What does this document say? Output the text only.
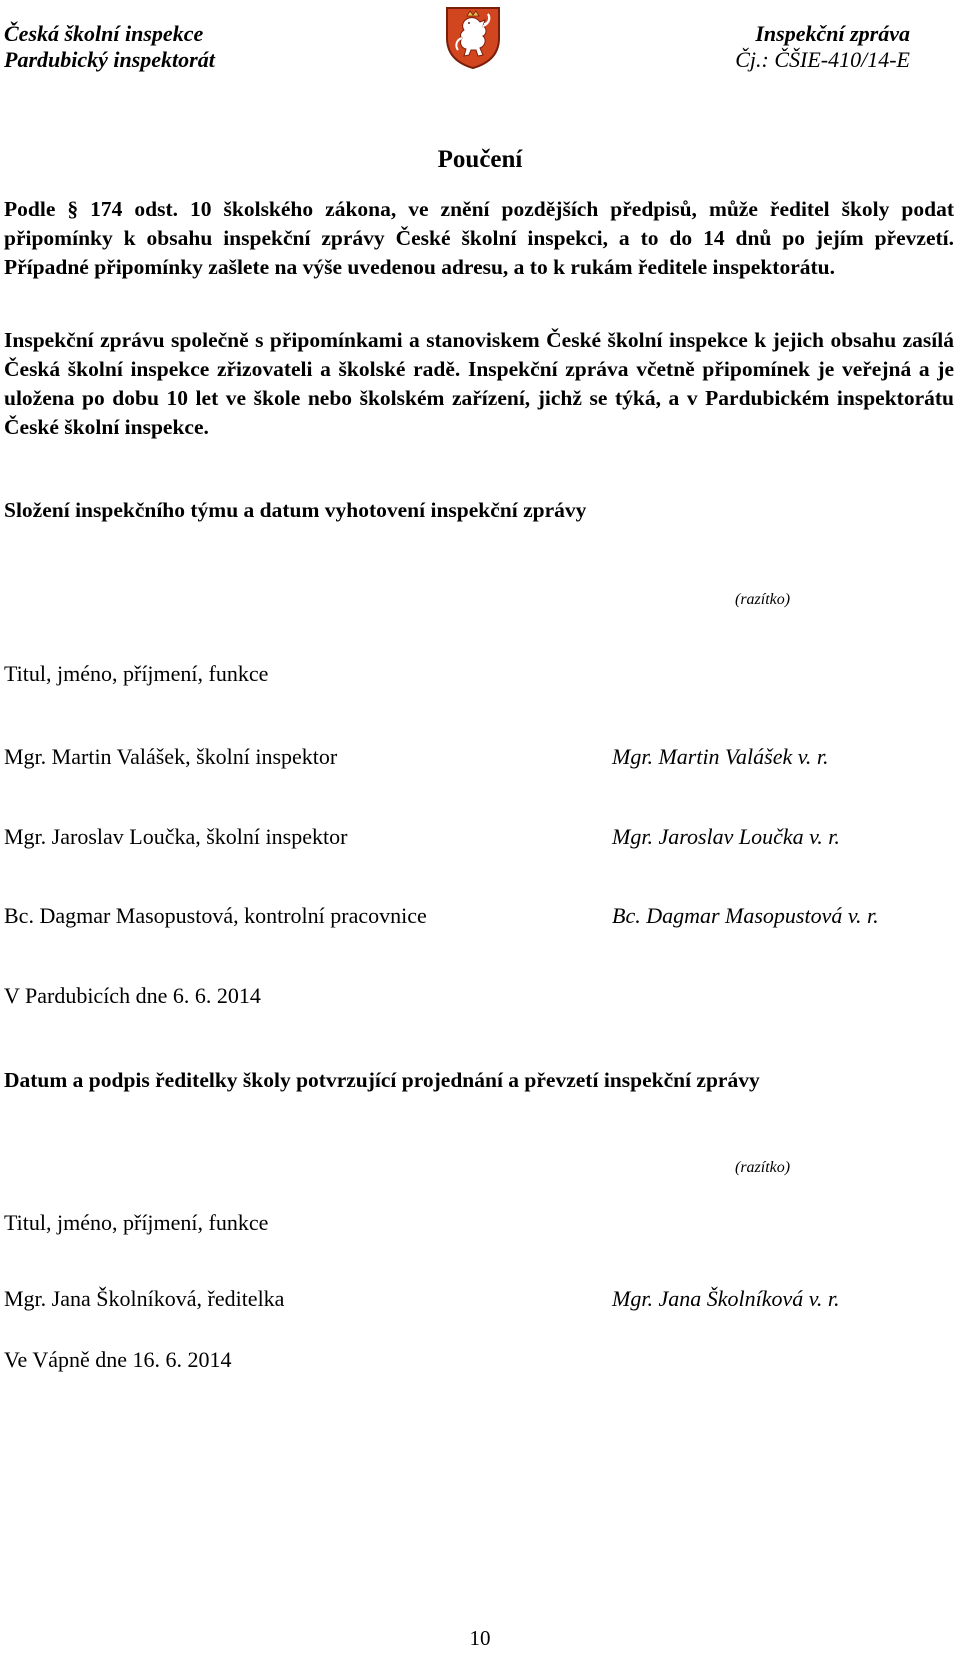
Česká školní inspekce
Pardubický inspektorát
Inspekční zpráva
Čj.: ČŠIE-410/14-E
Poučení
Podle § 174 odst. 10 školského zákona, ve znění pozdějších předpisů, může ředitel školy podat připomínky k obsahu inspekční zprávy České školní inspekci, a to do 14 dnů po jejím převzetí. Případné připomínky zašlete na výše uvedenou adresu, a to k rukám ředitele inspektorátu.
Inspekční zprávu společně s připomínkami a stanoviskem České školní inspekce k jejich obsahu zasílá Česká školní inspekce zřizovateli a školské radě. Inspekční zpráva včetně připomínek je veřejná a je uložena po dobu 10 let ve škole nebo školském zařízení, jichž se týká, a v Pardubickém inspektorátu České školní inspekce.
Složení inspekčního týmu a datum vyhotovení inspekční zprávy
(razítko)
Titul, jméno, příjmení, funkce
Mgr. Martin Valášek, školní inspektor	Mgr. Martin Valášek v. r.
Mgr. Jaroslav Loučka, školní inspektor	Mgr. Jaroslav Loučka v. r.
Bc. Dagmar Masopustová, kontrolní pracovnice	Bc. Dagmar Masopustová v. r.
V Pardubicích dne 6. 6. 2014
Datum a podpis ředitelky školy potvrzující projednání a převzetí inspekční zprávy
(razítko)
Titul, jméno, příjmení, funkce
Mgr. Jana Školníková, ředitelka	Mgr. Jana Školníková v. r.
Ve Vápně dne 16. 6. 2014
10
